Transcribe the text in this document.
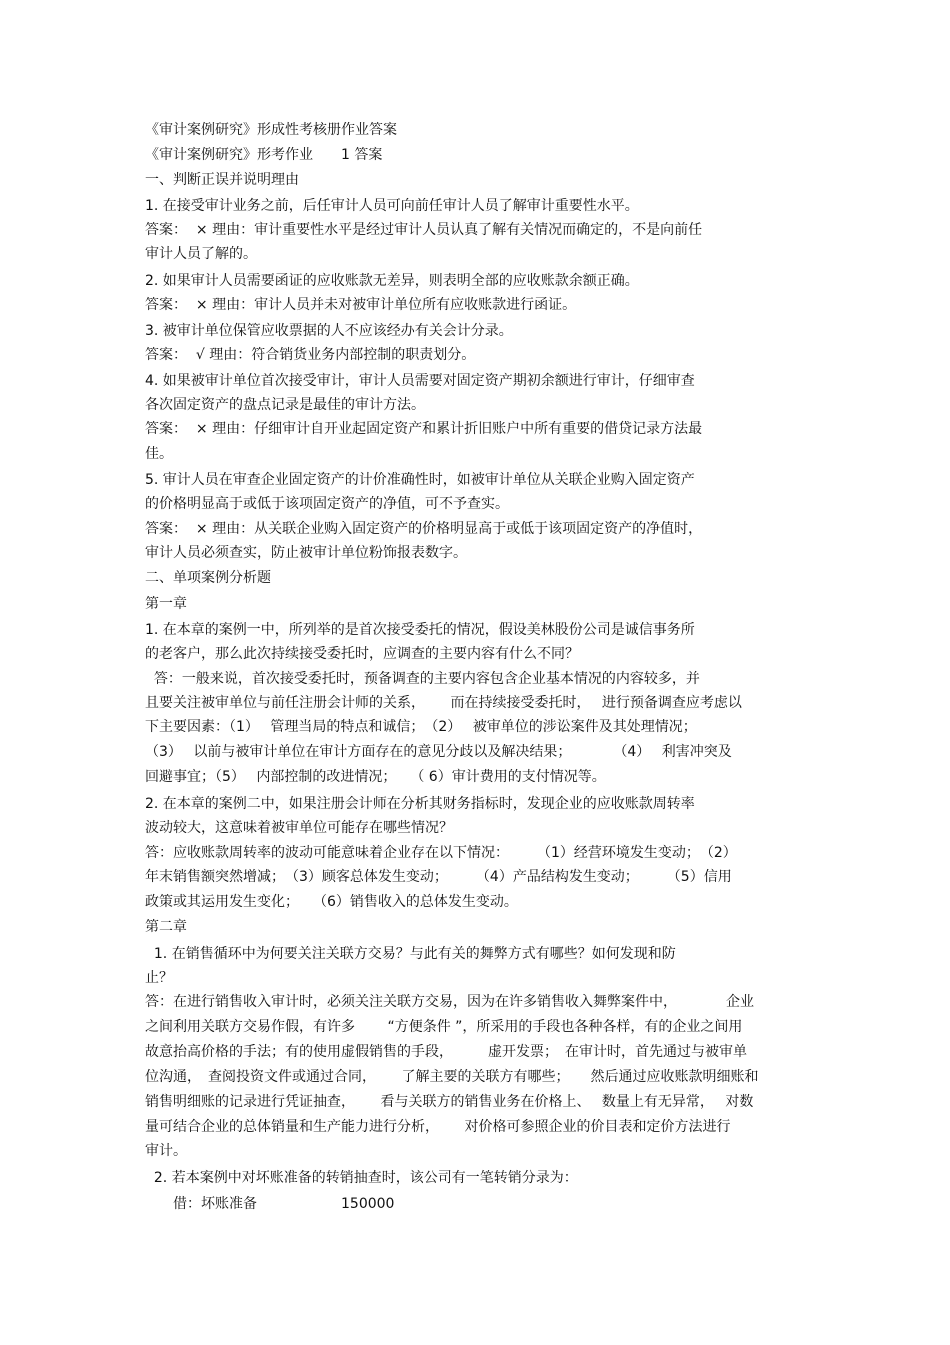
《审计案例研究》形成性考核册作业答案
《审计案例研究》形考作业　　1 答案
一、判断正误并说明理由
1. 在接受审计业务之前，后任审计人员可向前任审计人员了解审计重要性水平。
答案：  × 理由：审计重要性水平是经过审计人员认真了解有关情况而确定的，不是向前任
审计人员了解的。
2. 如果审计人员需要函证的应收账款无差异，则表明全部的应收账款余额正确。
答案：  × 理由：审计人员并未对被审计单位所有应收账款进行函证。
3. 被审计单位保管应收票据的人不应该经办有关会计分录。
答案：  √ 理由：符合销货业务内部控制的职责划分。
4. 如果被审计单位首次接受审计，审计人员需要对固定资产期初余额进行审计，仔细审查
各次固定资产的盘点记录是最佳的审计方法。
答案：  × 理由：仔细审计自开业起固定资产和累计折旧账户中所有重要的借贷记录方法最
佳。
5. 审计人员在审查企业固定资产的计价准确性时，如被审计单位从关联企业购入固定资产
的价格明显高于或低于该项固定资产的净值，可不予查实。
答案：  × 理由：从关联企业购入固定资产的价格明显高于或低于该项固定资产的净值时，
审计人员必须查实，防止被审计单位粉饰报表数字。
二、单项案例分析题
第一章
1. 在本章的案例一中，所列举的是首次接受委托的情况，假设美林股份公司是诚信事务所
的老客户，那么此次持续接受委托时，应调查的主要内容有什么不同？
答：一般来说，首次接受委托时，预备调查的主要内容包含企业基本情况的内容较多，并
且要关注被审单位与前任注册会计师的关系，　　 而在持续接受委托时，　 进行预备调查应考虑以
下主要因素：（1）　 管理当局的特点和诚信；　（2）　 被审单位的涉讼案件及其处理情况；
（3）　 以前与被审计单位在审计方面存在的意见分歧以及解决结果；　　　　（4）　 利害冲突及
回避事宜；（5）　 内部控制的改进情况；　　（ 6）审计费用的支付情况等。
2. 在本章的案例二中，如果注册会计师在分析其财务指标时，发现企业的应收账款周转率
波动较大，这意味着被审单位可能存在哪些情况？
答：应收账款周转率的波动可能意味着企业存在以下情况：　　　（1）经营环境发生变动；　（2）
年末销售额突然增减；　（3）顾客总体发生变动；　　　（4）产品结构发生变动；　　　（5）信用
政策或其运用发生变化；　　（6）销售收入的总体发生变动。
第二章
1. 在销售循环中为何要关注关联方交易？与此有关的舞弊方式有哪些？如何发现和防
止？
答：在进行销售收入审计时，必须关注关联方交易，因为在许多销售收入舞弊案件中，　　　　企业
之间利用关联方交易作假，有许多　　 “方便条件 ”，所采用的手段也各种各样，有的企业之间用
故意抬高价格的手法；有的使用虚假销售的手段，　　　虚开发票；　在审计时，首先通过与被审单
位沟通，　查阅投资文件或通过合同，　　 了解主要的关联方有哪些；　　然后通过应收账款明细账和
销售明细账的记录进行凭证抽查，　　 看与关联方的销售业务在价格上、　 数量上有无异常，　 对数
量可结合企业的总体销量和生产能力进行分析，　　 对价格可参照企业的价目表和定价方法进行
审计。
2. 若本案例中对坏账准备的转销抽查时，该公司有一笔转销分录为：
　　借：坏账准备　　　　　　150000
